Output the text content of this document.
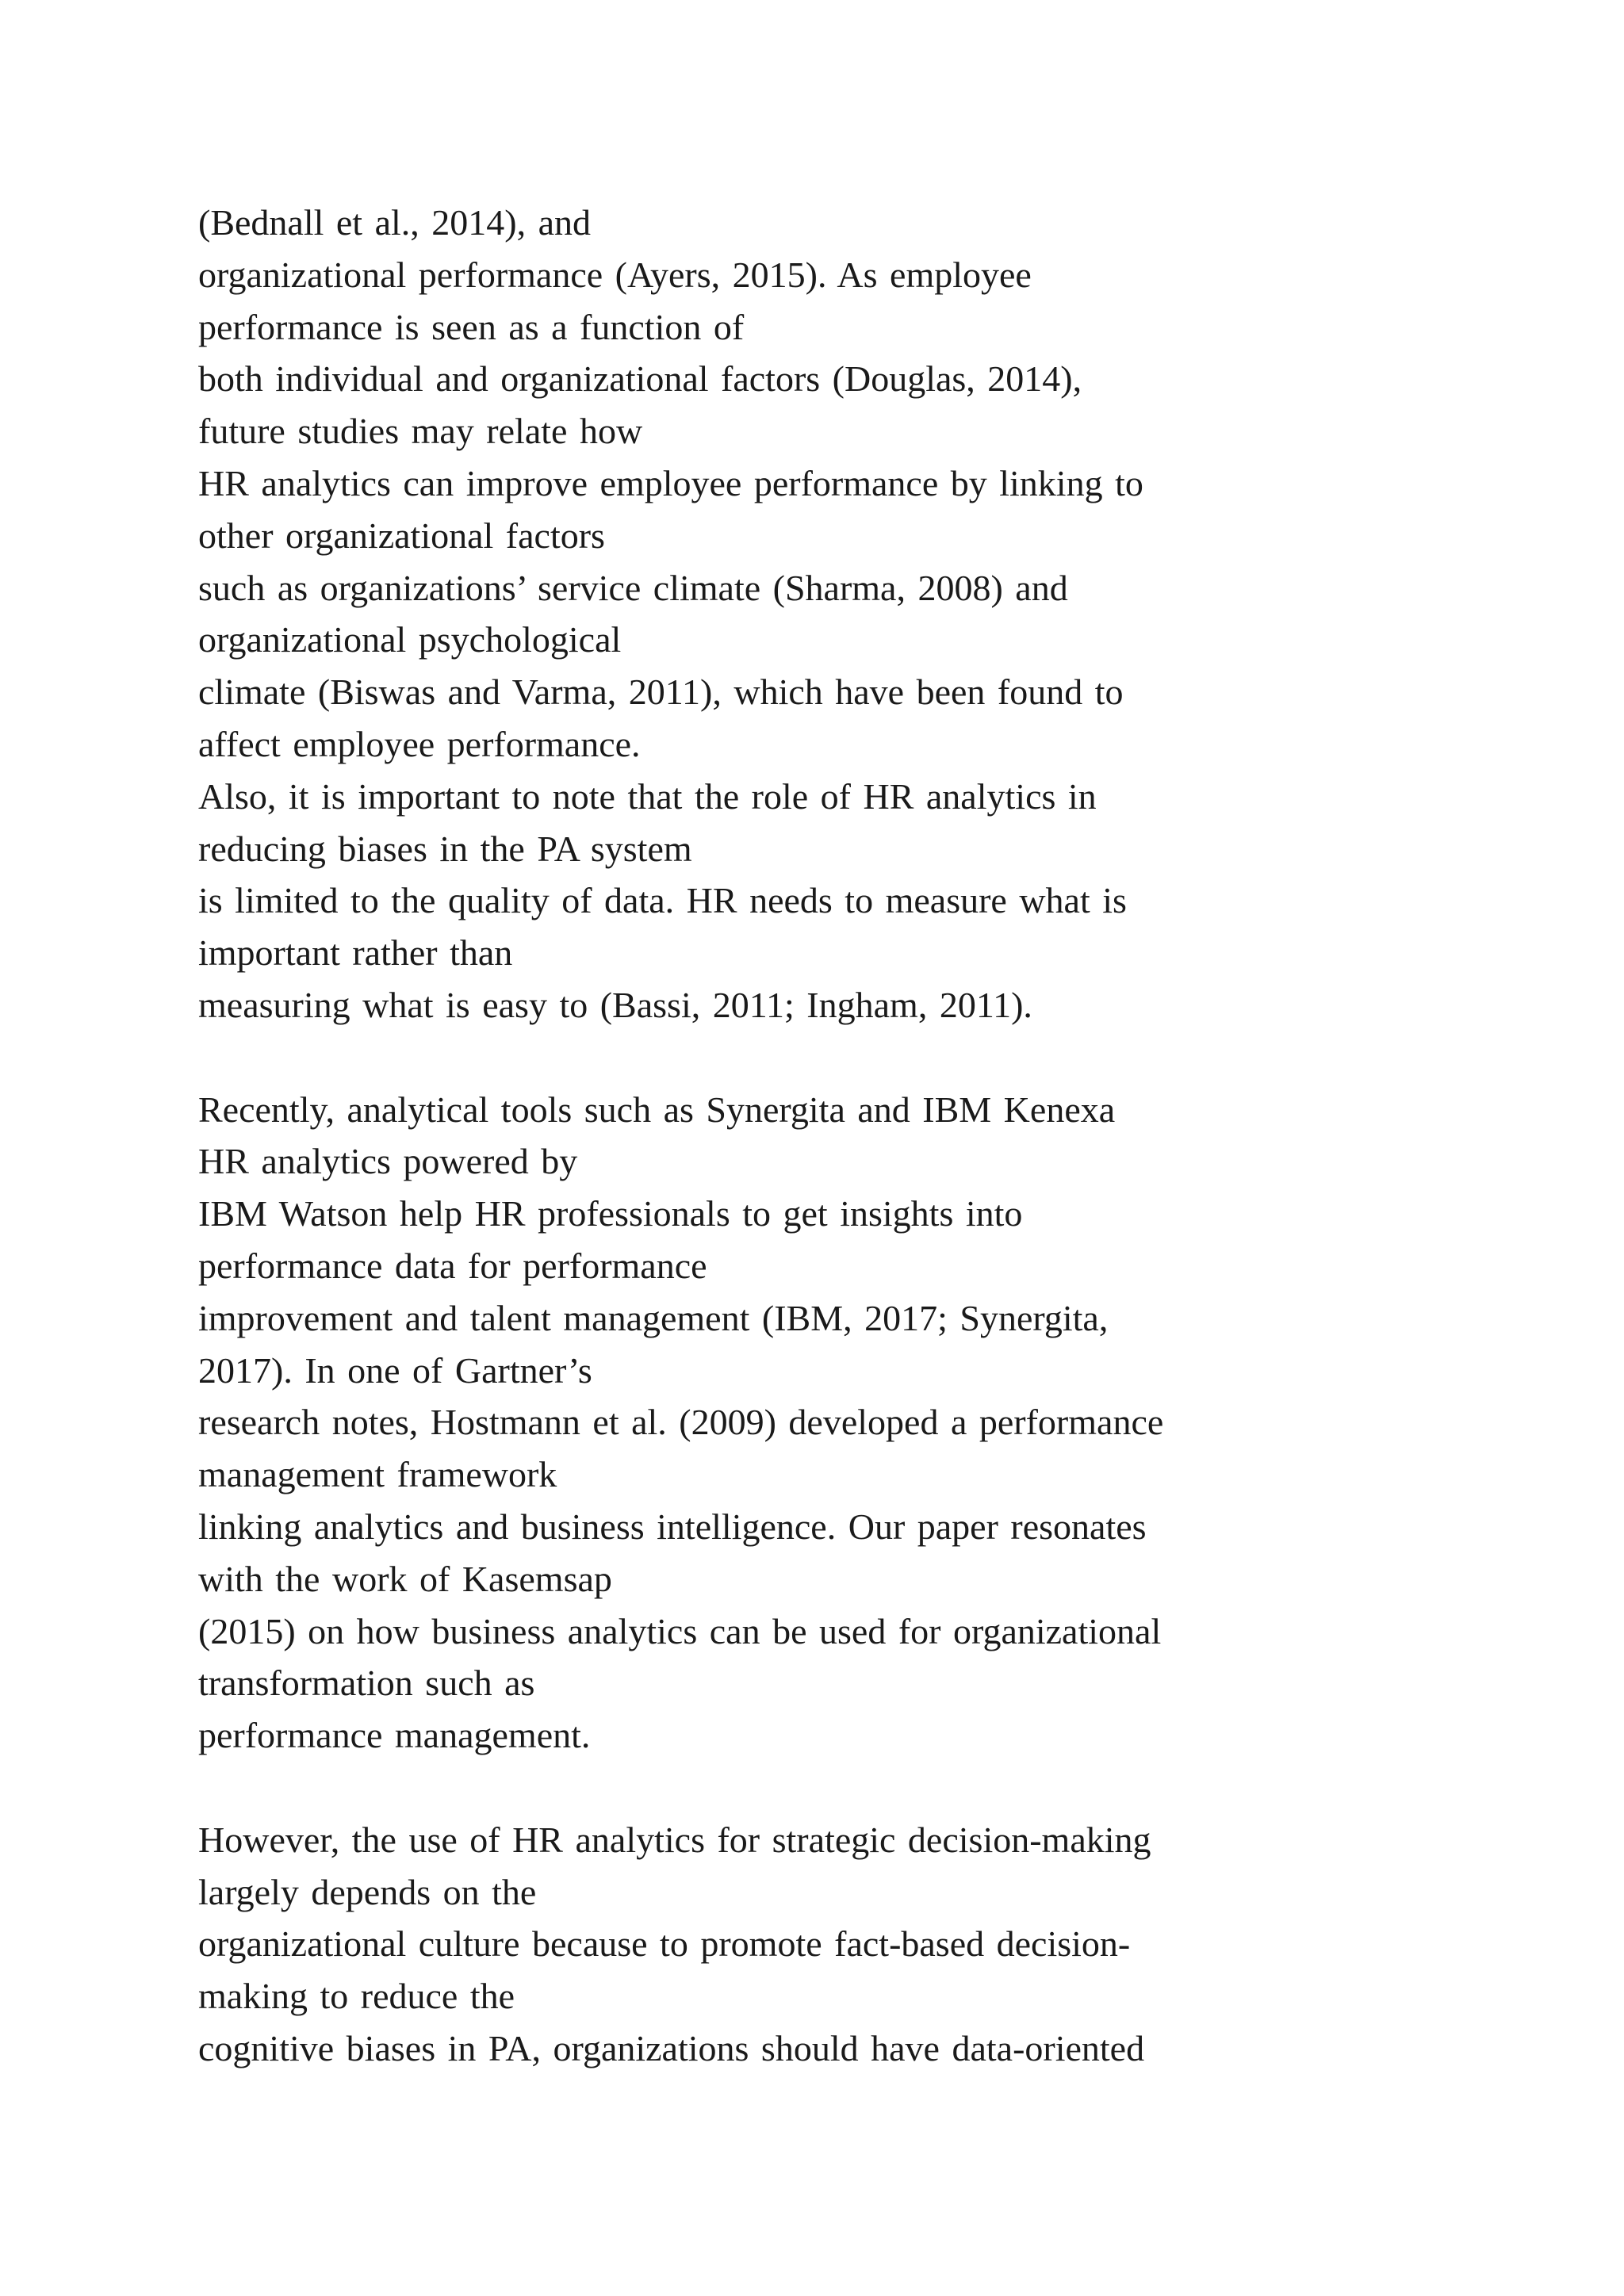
(Bednall et al., 2014), and
organizational performance (Ayers, 2015). As employee
performance is seen as a function of
both individual and organizational factors (Douglas, 2014),
future studies may relate how
HR analytics can improve employee performance by linking to
other organizational factors
such as organizations’ service climate (Sharma, 2008) and
organizational psychological
climate (Biswas and Varma, 2011), which have been found to
affect employee performance.
Also, it is important to note that the role of HR analytics in
reducing biases in the PA system
is limited to the quality of data. HR needs to measure what is
important rather than
measuring what is easy to (Bassi, 2011; Ingham, 2011).
Recently, analytical tools such as Synergita and IBM Kenexa
HR analytics powered by
IBM Watson help HR professionals to get insights into
performance data for performance
improvement and talent management (IBM, 2017; Synergita,
2017). In one of Gartner’s
research notes, Hostmann et al. (2009) developed a performance
management framework
linking analytics and business intelligence. Our paper resonates
with the work of Kasemsap
(2015) on how business analytics can be used for organizational
transformation such as
performance management.
However, the use of HR analytics for strategic decision-making
largely depends on the
organizational culture because to promote fact-based decision-
making to reduce the
cognitive biases in PA, organizations should have data-oriented
